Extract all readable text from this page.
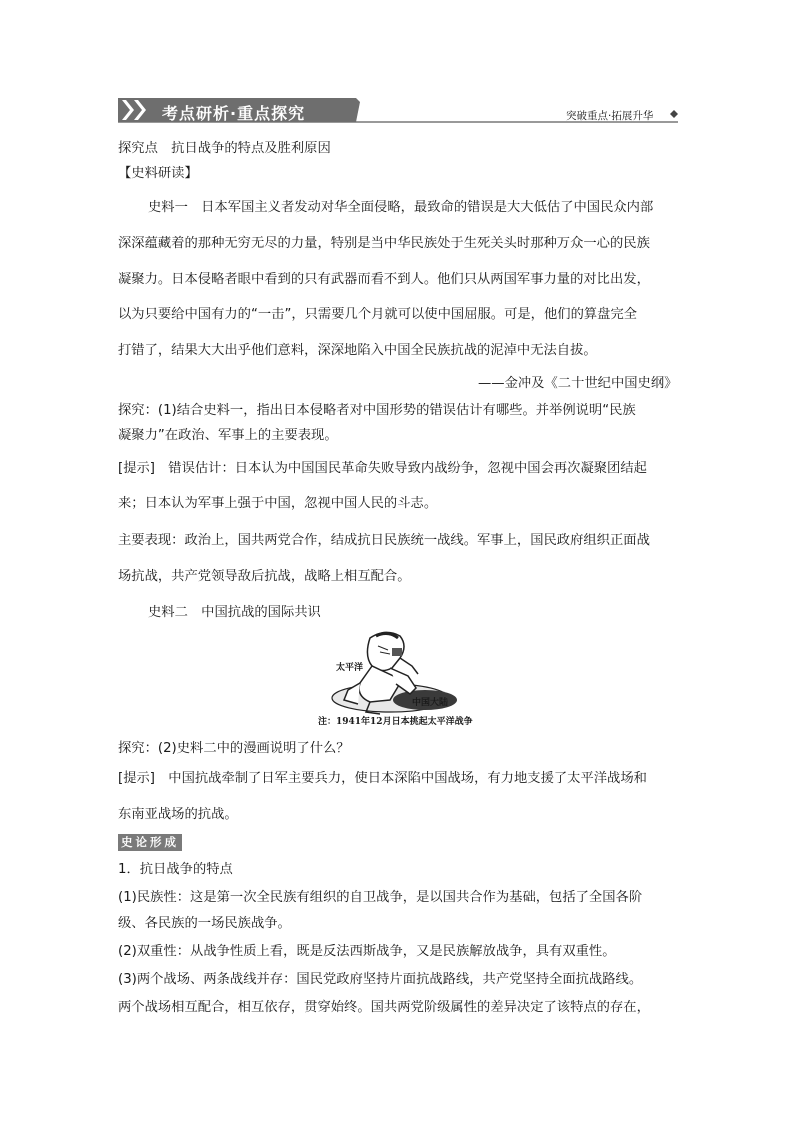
考点研析·重点探究	突破重点·拓展升华
探究点　抗日战争的特点及胜利原因
【史料研读】
史料一　日本军国主义者发动对华全面侵略，最致命的错误是大大低估了中国民众内部
深深蕴藏着的那种无穷无尽的力量，特别是当中华民族处于生死关头时那种万众一心的民族
凝聚力。日本侵略者眼中看到的只有武器而看不到人。他们只从两国军事力量的对比出发，
以为只要给中国有力的“一击”，只需要几个月就可以使中国屈服。可是，他们的算盘完全
打错了，结果大大出乎他们意料，深深地陷入中国全民族抗战的泥淖中无法自拔。
——金冲及《二十世纪中国史纲》
探究：(1)结合史料一，指出日本侵略者对中国形势的错误估计有哪些。并举例说明“民族
凝聚力”在政治、军事上的主要表现。
[提示]　错误估计：日本认为中国国民革命失败导致内战纷争，忽视中国会再次凝聚团结起
来；日本认为军事上强于中国，忽视中国人民的斗志。
主要表现：政治上，国共两党合作，结成抗日民族统一战线。军事上，国民政府组织正面战
场抗战，共产党领导敌后抗战，战略上相互配合。
史料二　中国抗战的国际共识
太平洋
中国大陆
注：1941年12月日本挑起太平洋战争
探究：(2)史料二中的漫画说明了什么？
[提示]　中国抗战牵制了日军主要兵力，使日本深陷中国战场，有力地支援了太平洋战场和
东南亚战场的抗战。
史论形成
1．抗日战争的特点
(1)民族性：这是第一次全民族有组织的自卫战争，是以国共合作为基础，包括了全国各阶
级、各民族的一场民族战争。
(2)双重性：从战争性质上看，既是反法西斯战争，又是民族解放战争，具有双重性。
(3)两个战场、两条战线并存：国民党政府坚持片面抗战路线，共产党坚持全面抗战路线。
两个战场相互配合，相互依存，贯穿始终。国共两党阶级属性的差异决定了该特点的存在，
